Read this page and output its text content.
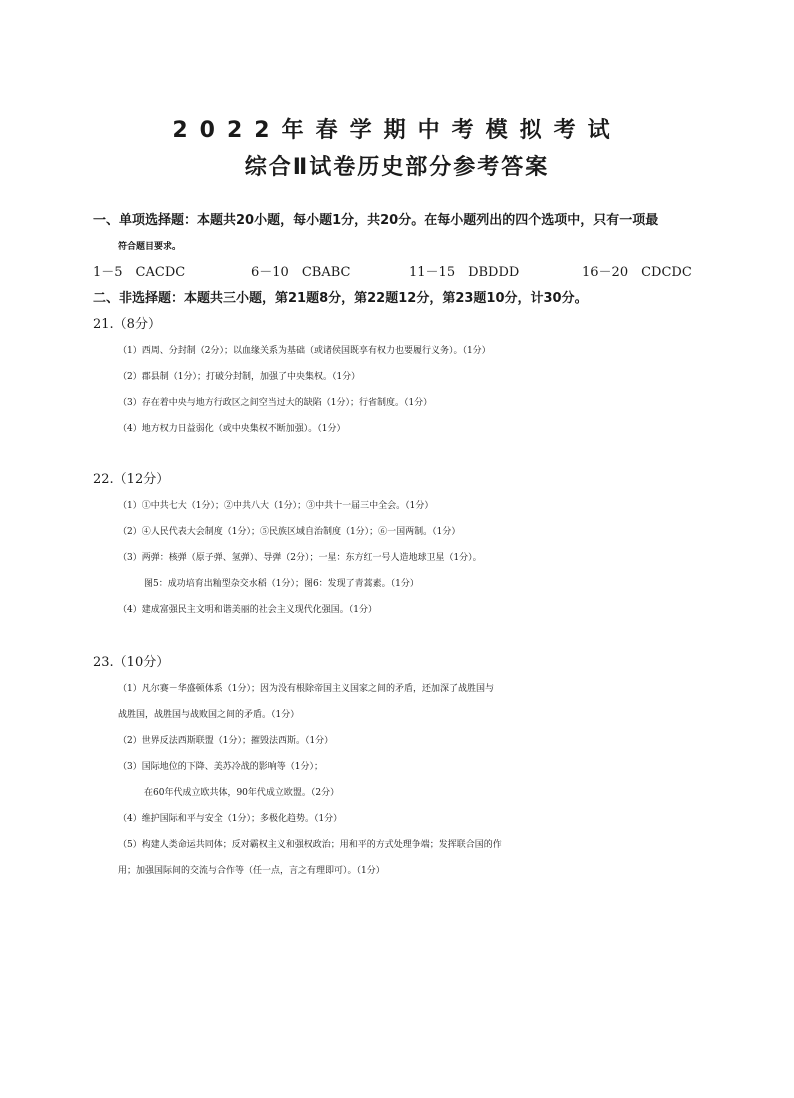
2022年春学期中考模拟考试
综合Ⅱ试卷历史部分参考答案

一、单项选择题：本题共20小题，每小题1分，共20分。在每小题列出的四个选项中，只有一项最

符合题目要求。

1－5　CACDC	6－10　CBABC	11－15　DBDDD	16－20　CDCDC

二、非选择题：本题共三小题，第21题8分，第22题12分，第23题10分，计30分。

21.（8分）

（1）西周、分封制（2分）；以血缘关系为基础（或诸侯国既享有权力也要履行义务）。（1分）

（2）郡县制（1分）；打破分封制，加强了中央集权。（1分）

（3）存在着中央与地方行政区之间空当过大的缺陷（1分）；行省制度。（1分）

（4）地方权力日益弱化（或中央集权不断加强）。（1分）

22.（12分）

（1）①中共七大（1分）；②中共八大（1分）；③中共十一届三中全会。（1分）

（2）④人民代表大会制度（1分）；⑤民族区域自治制度（1分）；⑥一国两制。（1分）

（3）两弹：核弹（原子弹、氢弹）、导弹（2分）；一星：东方红一号人造地球卫星（1分）。

图5：成功培育出籼型杂交水稻（1分）；图6：发现了青蒿素。（1分）

（4）建成富强民主文明和谐美丽的社会主义现代化强国。（1分）

23.（10分）

（1）凡尔赛－华盛顿体系（1分）；因为没有根除帝国主义国家之间的矛盾，还加深了战胜国与

战胜国，战胜国与战败国之间的矛盾。（1分）

（2）世界反法西斯联盟（1分）；摧毁法西斯。（1分）

（3）国际地位的下降、美苏冷战的影响等（1分）；

在60年代成立欧共体，90年代成立欧盟。（2分）

（4）维护国际和平与安全（1分）；多极化趋势。（1分）

（5）构建人类命运共同体；反对霸权主义和强权政治；用和平的方式处理争端；发挥联合国的作

用；加强国际间的交流与合作等（任一点，言之有理即可）。（1分）
